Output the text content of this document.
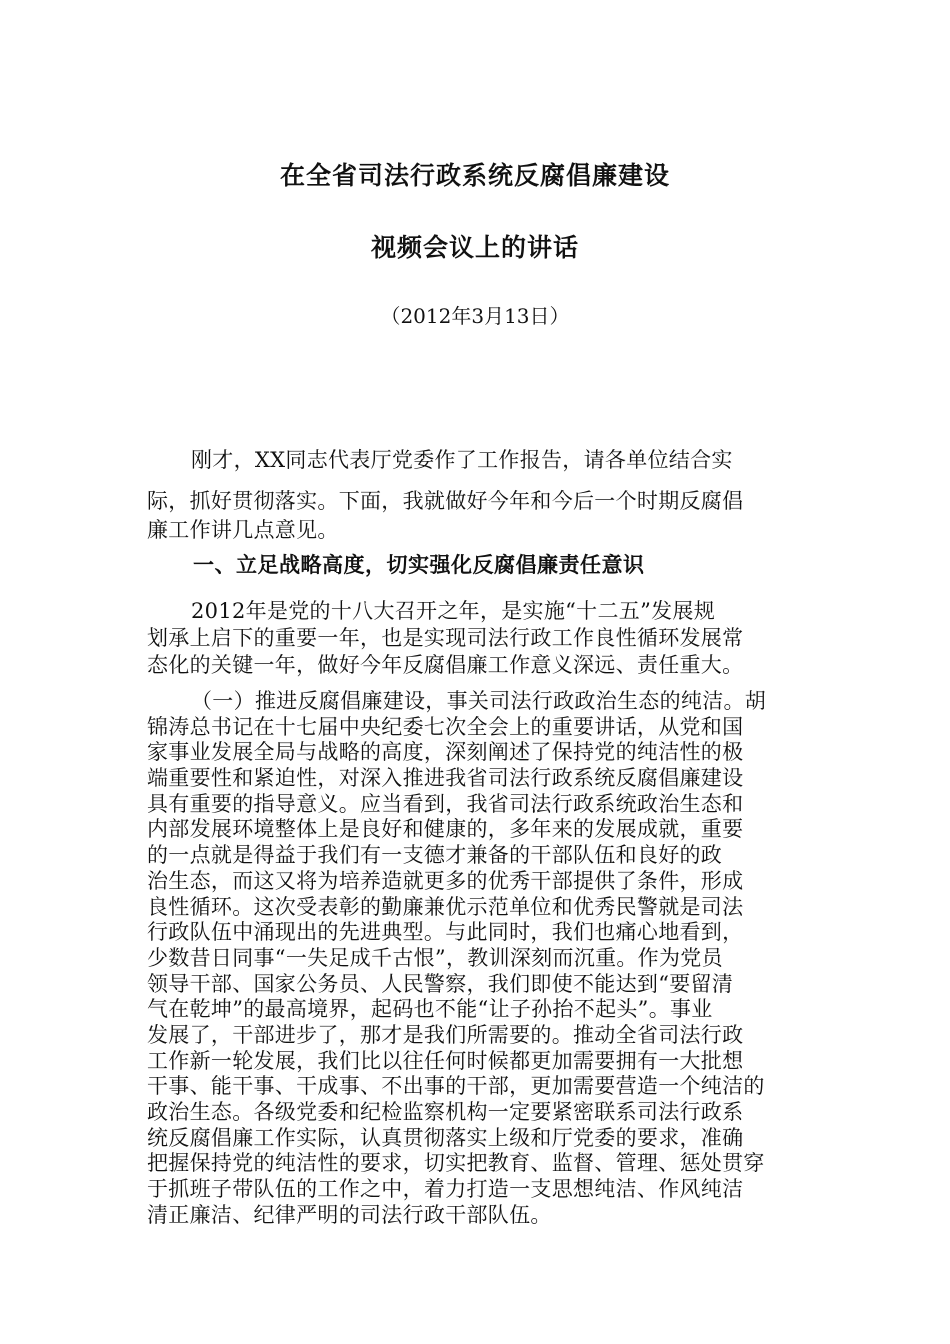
在全省司法行政系统反腐倡廉建设
视频会议上的讲话
（2012年3月13日）
刚才，XX同志代表厅党委作了工作报告，请各单位结合实
际，抓好贯彻落实。下面，我就做好今年和今后一个时期反腐倡
廉工作讲几点意见。
一、立足战略高度，切实强化反腐倡廉责任意识
2012年是党的十八大召开之年，是实施“十二五”发展规
划承上启下的重要一年，也是实现司法行政工作良性循环发展常
态化的关键一年，做好今年反腐倡廉工作意义深远、责任重大。
（一）推进反腐倡廉建设，事关司法行政政治生态的纯洁。胡
锦涛总书记在十七届中央纪委七次全会上的重要讲话，从党和国
家事业发展全局与战略的高度，深刻阐述了保持党的纯洁性的极
端重要性和紧迫性，对深入推进我省司法行政系统反腐倡廉建设
具有重要的指导意义。应当看到，我省司法行政系统政治生态和
内部发展环境整体上是良好和健康的，多年来的发展成就，重要
的一点就是得益于我们有一支德才兼备的干部队伍和良好的政
治生态，而这又将为培养造就更多的优秀干部提供了条件，形成
良性循环。这次受表彰的勤廉兼优示范单位和优秀民警就是司法
行政队伍中涌现出的先进典型。与此同时，我们也痛心地看到，
少数昔日同事“一失足成千古恨”，教训深刻而沉重。作为党员
领导干部、国家公务员、人民警察，我们即使不能达到“要留清
气在乾坤”的最高境界，起码也不能“让子孙抬不起头”。事业
发展了，干部进步了，那才是我们所需要的。推动全省司法行政
工作新一轮发展，我们比以往任何时候都更加需要拥有一大批想
干事、能干事、干成事、不出事的干部，更加需要营造一个纯洁的
政治生态。各级党委和纪检监察机构一定要紧密联系司法行政系
统反腐倡廉工作实际，认真贯彻落实上级和厅党委的要求，准确
把握保持党的纯洁性的要求，切实把教育、监督、管理、惩处贯穿
于抓班子带队伍的工作之中，着力打造一支思想纯洁、作风纯洁
清正廉洁、纪律严明的司法行政干部队伍。
